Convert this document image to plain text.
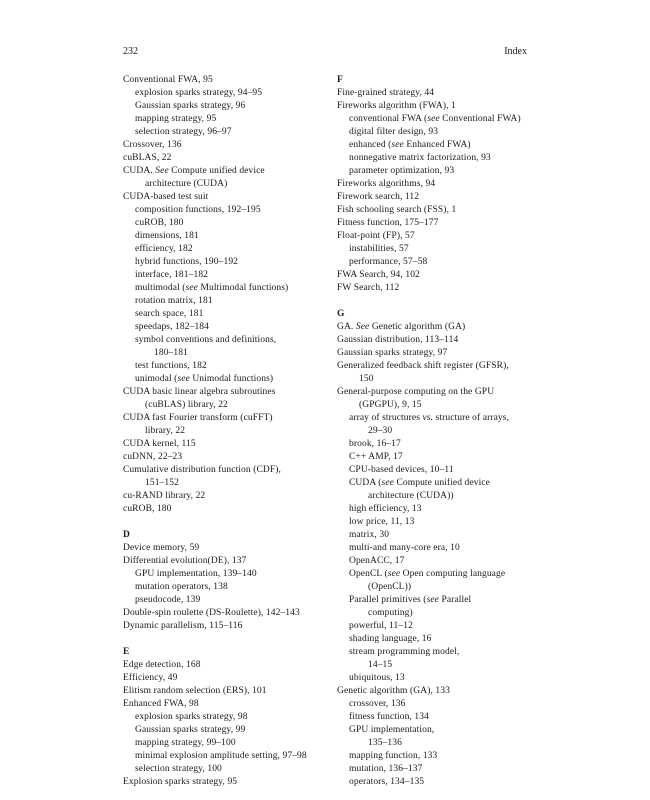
232	Index
Conventional FWA, 95
explosion sparks strategy, 94–95
Gaussian sparks strategy, 96
mapping strategy, 95
selection strategy, 96–97
Crossover, 136
cuBLAS, 22
CUDA. See Compute unified device
architecture (CUDA)
CUDA-based test suit
composition functions, 192–195
cuROB, 180
dimensions, 181
efficiency, 182
hybrid functions, 190–192
interface, 181–182
multimodal (see Multimodal functions)
rotation matrix, 181
search space, 181
speedaps, 182–184
symbol conventions and definitions,
180–181
test functions, 182
unimodal (see Unimodal functions)
CUDA basic linear algebra subroutines
(cuBLAS) library, 22
CUDA fast Fourier transform (cuFFT)
library, 22
CUDA kernel, 115
cuDNN, 22–23
Cumulative distribution function (CDF),
151–152
cu-RAND library, 22
cuROB, 180
D
Device memory, 59
Differential evolution(DE), 137
GPU implementation, 139–140
mutation operators, 138
pseudocode, 139
Double-spin roulette (DS-Roulette), 142–143
Dynamic parallelism, 115–116
E
Edge detection, 168
Efficiency, 49
Elitism random selection (ERS), 101
Enhanced FWA, 98
explosion sparks strategy, 98
Gaussian sparks strategy, 99
mapping strategy, 99–100
minimal explosion amplitude setting, 97–98
selection strategy, 100
Explosion sparks strategy, 95
F
Fine-grained strategy, 44
Fireworks algorithm (FWA), 1
conventional FWA (see Conventional FWA)
digital filter design, 93
enhanced (see Enhanced FWA)
nonnegative matrix factorization, 93
parameter optimization, 93
Fireworks algorithms, 94
Firework search, 112
Fish schooling search (FSS), 1
Fitness function, 175–177
Float-point (FP), 57
instabilities, 57
performance, 57–58
FWA Search, 94, 102
FW Search, 112
G
GA. See Genetic algorithm (GA)
Gaussian distribution, 113–114
Gaussian sparks strategy, 97
Generalized feedback shift register (GFSR),
150
General-purpose computing on the GPU
(GPGPU), 9, 15
array of structures vs. structure of arrays,
29–30
brook, 16–17
C++ AMP, 17
CPU-based devices, 10–11
CUDA (see Compute unified device
architecture (CUDA))
high efficiency, 13
low price, 11, 13
matrix, 30
multi-and many-core era, 10
OpenACC, 17
OpenCL (see Open computing language
(OpenCL))
Parallel primitives (see Parallel
computing)
powerful, 11–12
shading language, 16
stream programming model,
14–15
ubiquitous, 13
Genetic algorithm (GA), 133
crossover, 136
fitness function, 134
GPU implementation,
135–136
mapping function, 133
mutation, 136–137
operators, 134–135
